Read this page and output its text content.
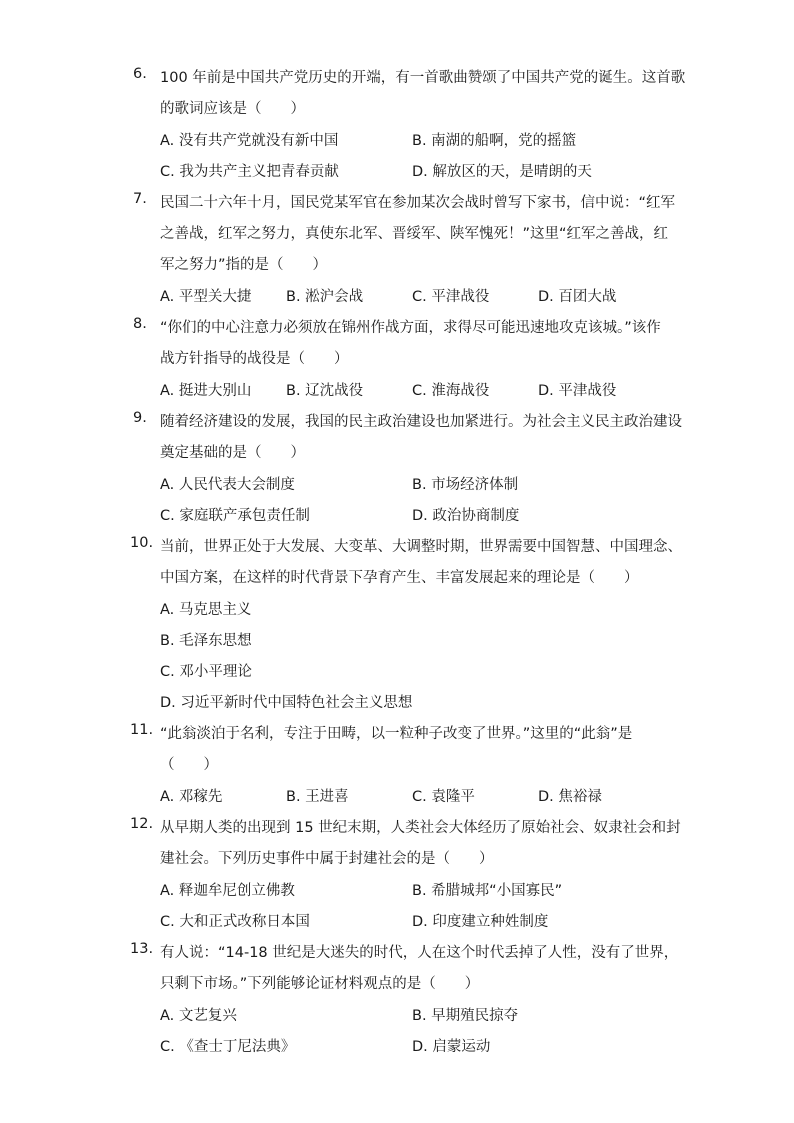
6. 100 年前是中国共产党历史的开端，有一首歌曲赞颂了中国共产党的诞生。这首歌
的歌词应该是（　　）
A. 没有共产党就没有新中国	B. 南湖的船啊，党的摇篮
C. 我为共产主义把青春贡献	D. 解放区的天，是晴朗的天
7. 民国二十六年十月，国民党某军官在参加某次会战时曾写下家书，信中说：“红军
之善战，红军之努力，真使东北军、晋绥军、陕军愧死！”这里“红军之善战，红
军之努力”指的是（　　）
A. 平型关大捷 B. 淞沪会战	C. 平津战役	D. 百团大战
8. “你们的中心注意力必须放在锦州作战方面，求得尽可能迅速地攻克该城。”该作
战方针指导的战役是（　　）
A. 挺进大别山 B. 辽沈战役	C. 淮海战役	D. 平津战役
9. 随着经济建设的发展，我国的民主政治建设也加紧进行。为社会主义民主政治建设
奠定基础的是（　　）
A. 人民代表大会制度	B. 市场经济体制
C. 家庭联产承包责任制	D. 政治协商制度
10. 当前，世界正处于大发展、大变革、大调整时期，世界需要中国智慧、中国理念、
中国方案，在这样的时代背景下孕育产生、丰富发展起来的理论是（　　）
A. 马克思主义
B. 毛泽东思想
C. 邓小平理论
D. 习近平新时代中国特色社会主义思想
11. “此翁淡泊于名利，专注于田畴，以一粒种子改变了世界。”这里的“此翁”是
（　　）
A. 邓稼先	B. 王进喜	C. 袁隆平	D. 焦裕禄
12. 从早期人类的出现到 15 世纪末期，人类社会大体经历了原始社会、奴隶社会和封
建社会。下列历史事件中属于封建社会的是（　　）
A. 释迦牟尼创立佛教	B. 希腊城邦“小国寡民”
C. 大和正式改称日本国	D. 印度建立种姓制度
13. 有人说：“14-18 世纪是大迷失的时代，人在这个时代丢掉了人性，没有了世界，
只剩下市场。”下列能够论证材料观点的是（　　）
A. 文艺复兴	B. 早期殖民掠夺
C. 《查士丁尼法典》	D. 启蒙运动
